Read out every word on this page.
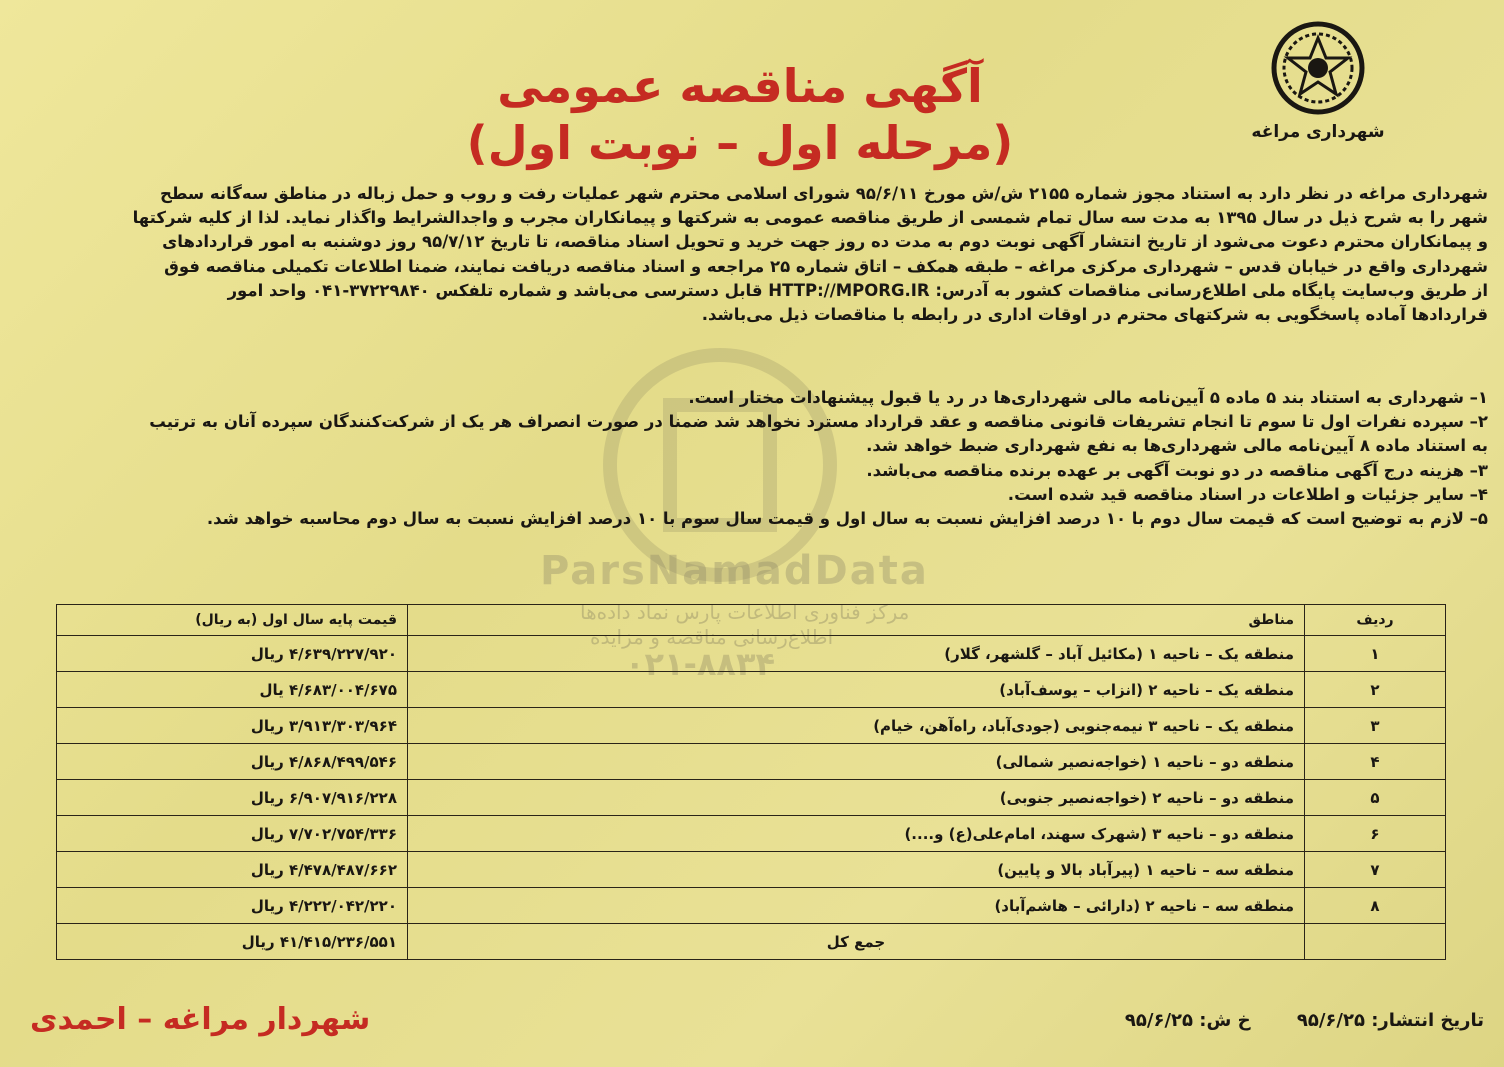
ParsNamadData
مرکز فناوری اطلاعات پارس نماد داده‌ها
اطلاع‌رسانی مناقصه و مزایده
۰۲۱-۸۸۳۴
شهرداری مراغه
آگهی مناقصه عمومی
(مرحله اول – نوبت اول)

شهرداری مراغه در نظر دارد به استناد مجوز شماره ۲۱۵۵ ش/ش مورخ ۹۵/۶/۱۱ شورای اسلامی محترم شهر عملیات رفت و روب و حمل زباله در مناطق سه‌گانه سطح

شهر را به شرح ذیل در سال ۱۳۹۵ به مدت سه سال تمام شمسی از طریق مناقصه عمومی به شرکتها و پیمانکاران مجرب و واجدالشرایط واگذار نماید. لذا از کلیه شرکتها

و پیمانکاران محترم دعوت می‌شود از تاریخ انتشار آگهی نوبت دوم به مدت ده روز جهت خرید و تحویل اسناد مناقصه، تا تاریخ ۹۵/۷/۱۲ روز دوشنبه به امور قراردادهای

شهرداری واقع در خیابان قدس – شهرداری مرکزی مراغه – طبقه همکف – اتاق شماره ۲۵ مراجعه و اسناد مناقصه دریافت نمایند، ضمنا اطلاعات تکمیلی مناقصه فوق

از طریق وب‌سایت پایگاه ملی اطلاع‌رسانی مناقصات کشور به آدرس: HTTP://MPORG.IR قابل دسترسی می‌باشد و شماره تلفکس ۳۷۲۲۹۸۴۰-۰۴۱ واحد امور

قراردادها آماده پاسخگویی به شرکتهای محترم در اوقات اداری در رابطه با مناقصات ذیل می‌باشد.

۱– شهرداری به استناد بند ۵ ماده ۵ آیین‌نامه مالی شهرداری‌ها در رد یا قبول پیشنهادات مختار است.
۲– سپرده نفرات اول تا سوم تا انجام تشریفات قانونی مناقصه و عقد قرارداد مسترد نخواهد شد ضمنا در صورت انصراف هر یک از شرکت‌کنندگان سپرده آنان به ترتیب
به استناد ماده ۸ آیین‌نامه مالی شهرداری‌ها به نفع شهرداری ضبط خواهد شد.
۳– هزینه درج آگهی مناقصه در دو نوبت آگهی بر عهده برنده مناقصه می‌باشد.
۴– سایر جزئیات و اطلاعات در اسناد مناقصه قید شده است.
۵– لازم به توضیح است که قیمت سال دوم با ۱۰ درصد افزایش نسبت به سال اول و قیمت سال سوم با ۱۰ درصد افزایش نسبت به سال دوم محاسبه خواهد شد.
ردیف	مناطق	قیمت پایه سال اول (به ریال)
۱	منطقه یک – ناحیه ۱ (مکائیل آباد – گلشهر، گلار)	۴/۶۳۹/۲۲۷/۹۲۰ ریال
۲	منطقه یک – ناحیه ۲ (انزاب – یوسف‌آباد)	۴/۶۸۳/۰۰۴/۶۷۵ یال
۳	منطقه یک – ناحیه ۳ نیمه‌جنوبی (جودی‌آباد، راه‌آهن، خیام)	۳/۹۱۳/۳۰۳/۹۶۴ ریال
۴	منطقه دو – ناحیه ۱ (خواجه‌نصیر شمالی)	۴/۸۶۸/۴۹۹/۵۴۶ ریال
۵	منطقه دو – ناحیه ۲ (خواجه‌نصیر جنوبی)	۶/۹۰۷/۹۱۶/۲۲۸ ریال
۶	منطقه دو – ناحیه ۳ (شهرک سهند، امام‌علی(ع) و....)	۷/۷۰۲/۷۵۴/۳۳۶ ریال
۷	منطقه سه – ناحیه ۱ (پیرآباد بالا و پایین)	۴/۴۷۸/۴۸۷/۶۶۲ ریال
۸	منطقه سه – ناحیه ۲ (دارائی – هاشم‌آباد)	۴/۲۲۲/۰۴۲/۲۲۰ ریال
	جمع کل	۴۱/۴۱۵/۲۳۶/۵۵۱ ریال
تاریخ انتشار: ۹۵/۶/۲۵ خ ش: ۹۵/۶/۲۵
شهردار مراغه – احمدی
